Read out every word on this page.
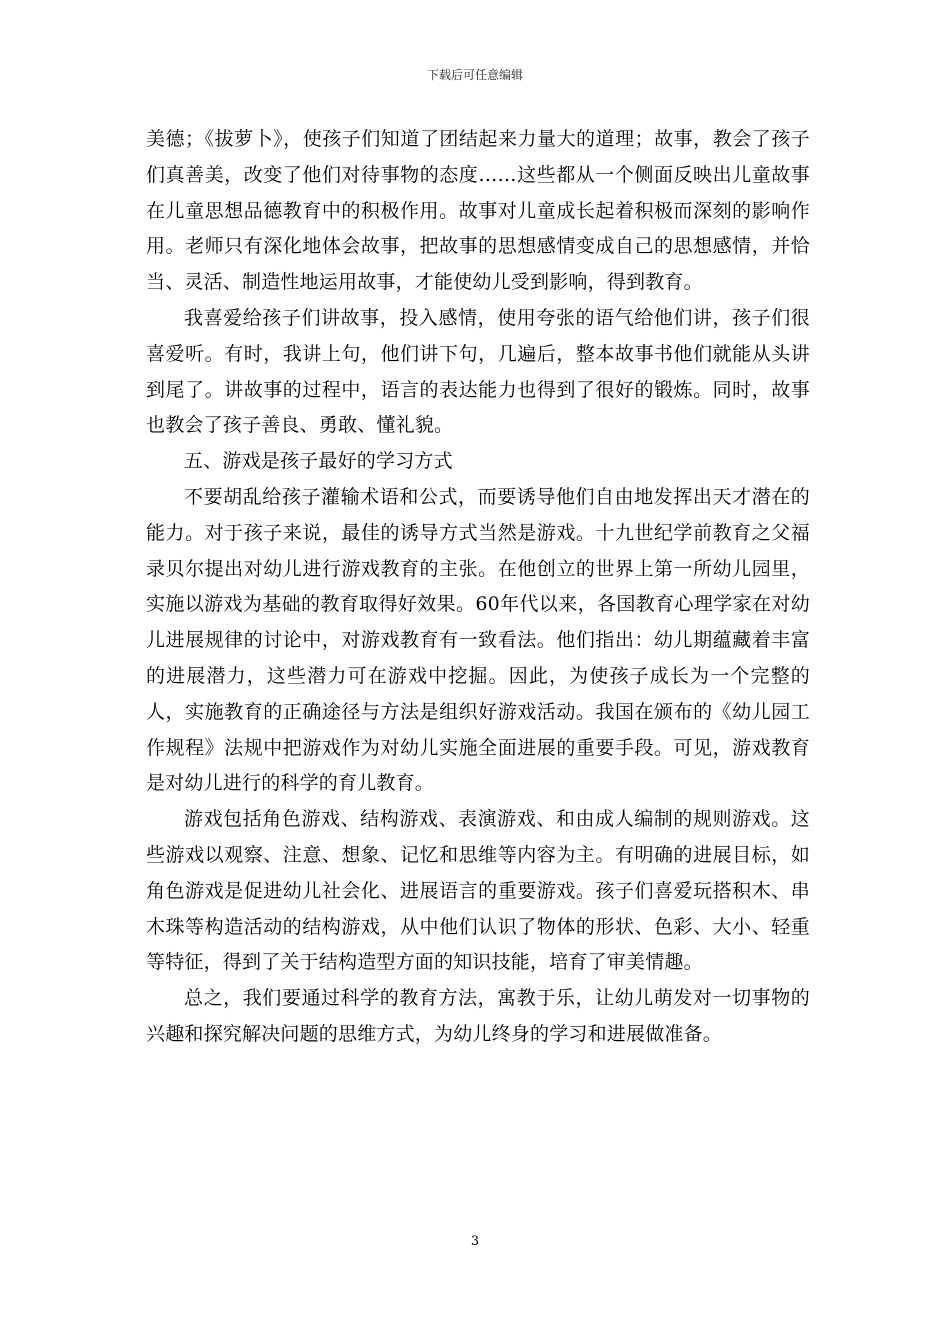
下载后可任意编辑

美德；《拔萝卜》，使孩子们知道了团结起来力量大的道理；故事，教会了孩子们真善美，改变了他们对待事物的态度……这些都从一个侧面反映出儿童故事在儿童思想品德教育中的积极作用。故事对儿童成长起着积极而深刻的影响作用。老师只有深化地体会故事，把故事的思想感情变成自己的思想感情，并恰当、灵活、制造性地运用故事，才能使幼儿受到影响，得到教育。

我喜爱给孩子们讲故事，投入感情，使用夸张的语气给他们讲，孩子们很喜爱听。有时，我讲上句，他们讲下句，几遍后，整本故事书他们就能从头讲到尾了。讲故事的过程中，语言的表达能力也得到了很好的锻炼。同时，故事也教会了孩子善良、勇敢、懂礼貌。

五、游戏是孩子最好的学习方式

不要胡乱给孩子灌输术语和公式，而要诱导他们自由地发挥出天才潜在的能力。对于孩子来说，最佳的诱导方式当然是游戏。十九世纪学前教育之父福录贝尔提出对幼儿进行游戏教育的主张。在他创立的世界上第一所幼儿园里，实施以游戏为基础的教育取得好效果。60年代以来，各国教育心理学家在对幼儿进展规律的讨论中，对游戏教育有一致看法。他们指出：幼儿期蕴藏着丰富的进展潜力，这些潜力可在游戏中挖掘。因此，为使孩子成长为一个完整的人，实施教育的正确途径与方法是组织好游戏活动。我国在颁布的《幼儿园工作规程》法规中把游戏作为对幼儿实施全面进展的重要手段。可见，游戏教育是对幼儿进行的科学的育儿教育。

游戏包括角色游戏、结构游戏、表演游戏、和由成人编制的规则游戏。这些游戏以观察、注意、想象、记忆和思维等内容为主。有明确的进展目标，如角色游戏是促进幼儿社会化、进展语言的重要游戏。孩子们喜爱玩搭积木、串木珠等构造活动的结构游戏，从中他们认识了物体的形状、色彩、大小、轻重等特征，得到了关于结构造型方面的知识技能，培育了审美情趣。

总之，我们要通过科学的教育方法，寓教于乐，让幼儿萌发对一切事物的兴趣和探究解决问题的思维方式，为幼儿终身的学习和进展做准备。

3
